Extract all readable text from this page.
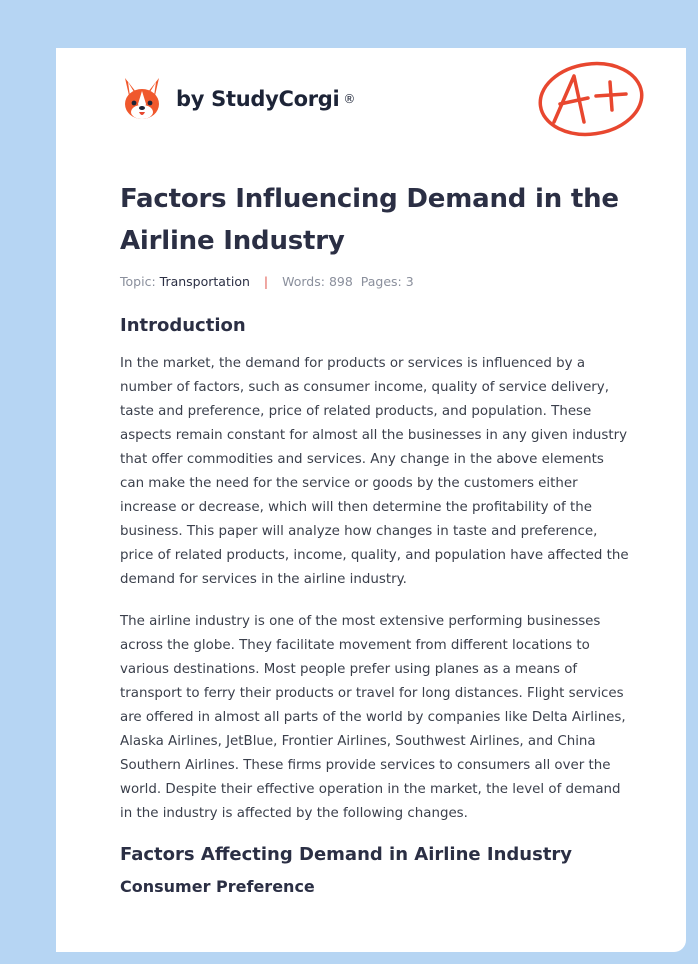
by StudyCorgi ®
Factors Influencing Demand in the Airline Industry
Topic: Transportation | Words: 898 Pages: 3
Introduction

In the market, the demand for products or services is influenced by a number of factors, such as consumer income, quality of service delivery, taste and preference, price of related products, and population. These aspects remain constant for almost all the businesses in any given industry that offer commodities and services. Any change in the above elements can make the need for the service or goods by the customers either increase or decrease, which will then determine the profitability of the business. This paper will analyze how changes in taste and preference, price of related products, income, quality, and population have affected the demand for services in the airline industry.

The airline industry is one of the most extensive performing businesses across the globe. They facilitate movement from different locations to various destinations. Most people prefer using planes as a means of transport to ferry their products or travel for long distances. Flight services are offered in almost all parts of the world by companies like Delta Airlines, Alaska Airlines, JetBlue, Frontier Airlines, Southwest Airlines, and China Southern Airlines. These firms provide services to consumers all over the world. Despite their effective operation in the market, the level of demand in the industry is affected by the following changes.

Factors Affecting Demand in Airline Industry
Consumer Preference
